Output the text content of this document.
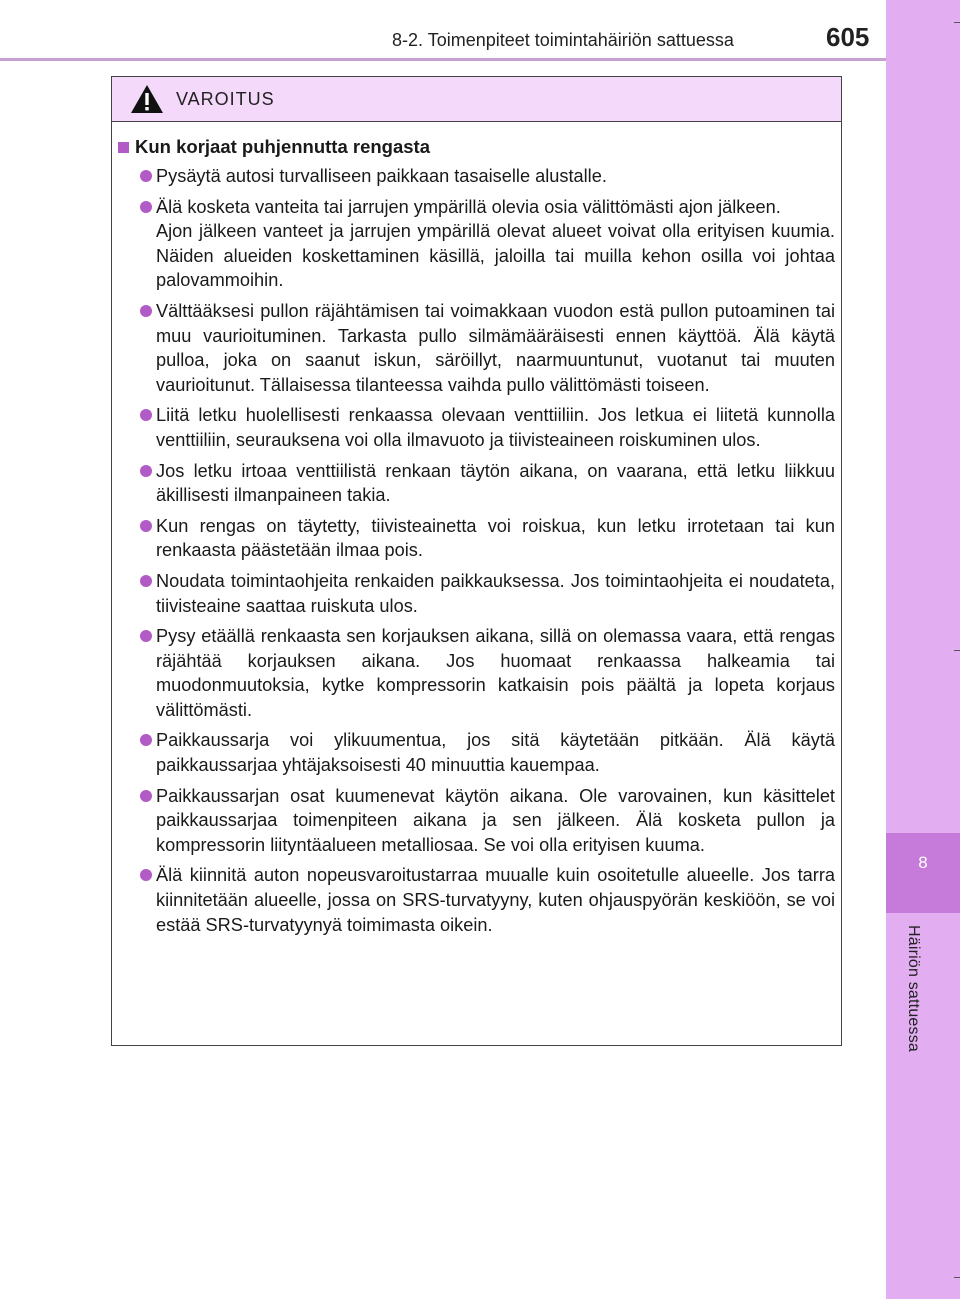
8-2. Toimenpiteet toimintahäiriön sattuessa	605
8
Häiriön sattuessa
VAROITUS
Kun korjaat puhjennutta rengasta
Pysäytä autosi turvalliseen paikkaan tasaiselle alustalle.
Älä kosketa vanteita tai jarrujen ympärillä olevia osia välittömästi ajon jälkeen.
Ajon jälkeen vanteet ja jarrujen ympärillä olevat alueet voivat olla erityisen kuumia. Näiden alueiden koskettaminen käsillä, jaloilla tai muilla kehon osilla voi johtaa palovammoihin.
Välttääksesi pullon räjähtämisen tai voimakkaan vuodon estä pullon putoaminen tai muu vaurioituminen. Tarkasta pullo silmämääräisesti ennen käyttöä. Älä käytä pulloa, joka on saanut iskun, säröillyt, naarmuuntunut, vuotanut tai muuten vaurioitunut. Tällaisessa tilanteessa vaihda pullo välittömästi toiseen.
Liitä letku huolellisesti renkaassa olevaan venttiiliin. Jos letkua ei liitetä kunnolla venttiiliin, seurauksena voi olla ilmavuoto ja tiivisteaineen roiskuminen ulos.
Jos letku irtoaa venttiilistä renkaan täytön aikana, on vaarana, että letku liikkuu äkillisesti ilmanpaineen takia.
Kun rengas on täytetty, tiivisteainetta voi roiskua, kun letku irrotetaan tai kun renkaasta päästetään ilmaa pois.
Noudata toimintaohjeita renkaiden paikkauksessa. Jos toimintaohjeita ei noudateta, tiivisteaine saattaa ruiskuta ulos.
Pysy etäällä renkaasta sen korjauksen aikana, sillä on olemassa vaara, että rengas räjähtää korjauksen aikana. Jos huomaat renkaassa halkeamia tai muodonmuutoksia, kytke kompressorin katkaisin pois päältä ja lopeta korjaus välittömästi.
Paikkaussarja voi ylikuumentua, jos sitä käytetään pitkään. Älä käytä paikkaussarjaa yhtäjaksoisesti 40 minuuttia kauempaa.
Paikkaussarjan osat kuumenevat käytön aikana. Ole varovainen, kun käsittelet paikkaussarjaa toimenpiteen aikana ja sen jälkeen. Älä kosketa pullon ja kompressorin liityntäalueen metalliosaa. Se voi olla erityisen kuuma.
Älä kiinnitä auton nopeusvaroitustarraa muualle kuin osoitetulle alueelle. Jos tarra kiinnitetään alueelle, jossa on SRS-turvatyyny, kuten ohjauspyörän keskiöön, se voi estää SRS-turvatyynyä toimimasta oikein.
